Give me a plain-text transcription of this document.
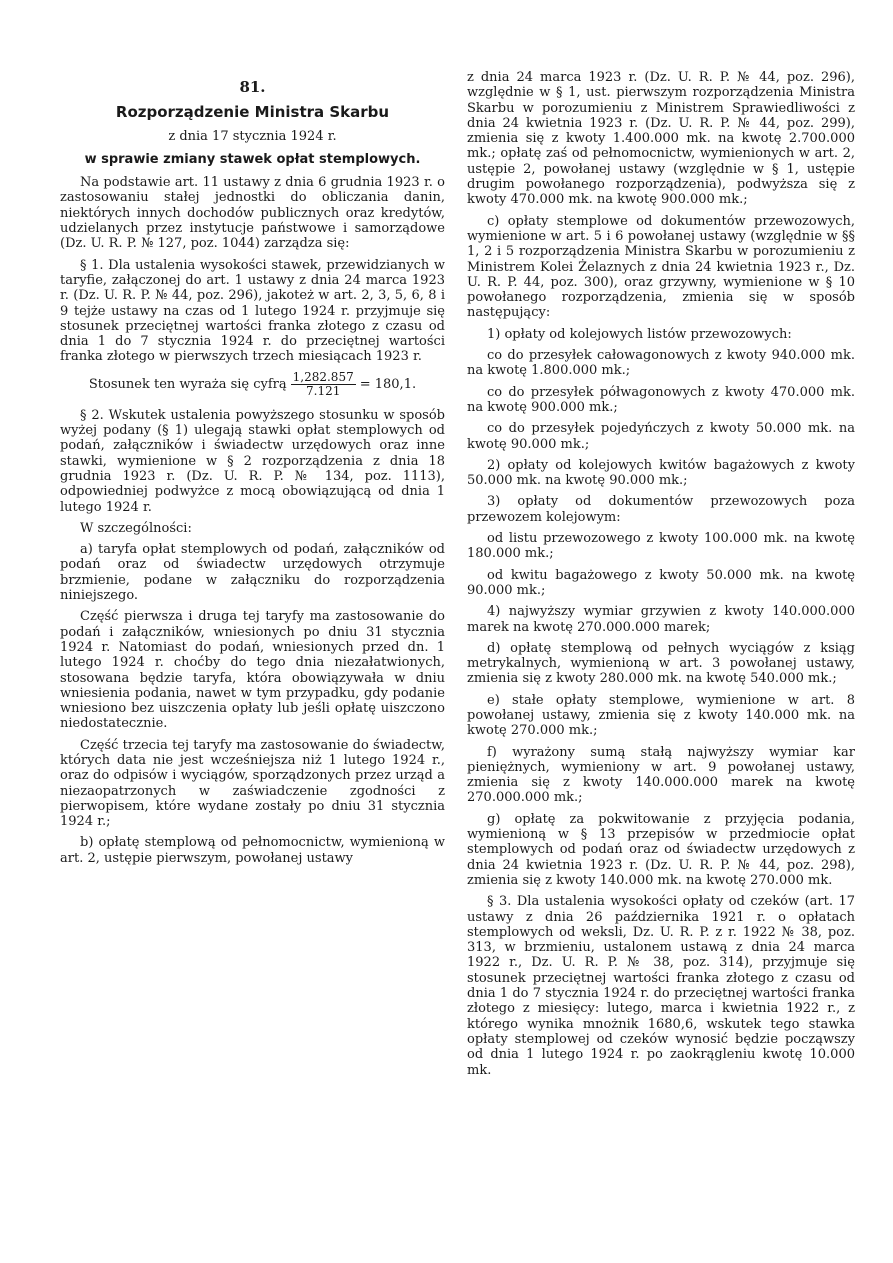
81.
Rozporządzenie Ministra Skarbu
z dnia 17 stycznia 1924 r.
w sprawie zmiany stawek opłat stemplowych.

Na podstawie art. 11 ustawy z dnia 6 grudnia 1923 r. o zastosowaniu stałej jednostki do obliczania danin, niektórych innych dochodów publicznych oraz kredytów, udzielanych przez instytucje państwowe i samorządowe (Dz. U. R. P. № 127, poz. 1044) zarządza się:

§ 1. Dla ustalenia wysokości stawek, przewidzianych w taryfie, załączonej do art. 1 ustawy z dnia 24 marca 1923 r. (Dz. U. R. P. № 44, poz. 296), jakoteż w art. 2, 3, 5, 6, 8 i 9 tejże ustawy na czas od 1 lutego 1924 r. przyjmuje się stosunek przeciętnej wartości franka złotego z czasu od dnia 1 do 7 stycznia 1924 r. do przeciętnej wartości franka złotego w pierwszych trzech miesiącach 1923 r.

Stosunek ten wyraża się cyfrą $\frac{1,282.857}{7.121} = 180,1$.

§ 2. Wskutek ustalenia powyższego stosunku w sposób wyżej podany (§ 1) ulegają stawki opłat stemplowych od podań, załączników i świadectw urzędowych oraz inne stawki, wymienione w § 2 rozporządzenia z dnia 18 grudnia 1923 r. (Dz. U. R. P. № 134, poz. 1113), odpowiedniej podwyżce z mocą obowiązującą od dnia 1 lutego 1924 r.

W szczególności:

a) taryfa opłat stemplowych od podań, załączników od podań oraz od świadectw urzędowych otrzymuje brzmienie, podane w załączniku do rozporządzenia niniejszego.

Część pierwsza i druga tej taryfy ma zastosowanie do podań i załączników, wniesionych po dniu 31 stycznia 1924 r. Natomiast do podań, wniesionych przed dn. 1 lutego 1924 r. choćby do tego dnia niezałatwionych, stosowana będzie taryfa, która obowiązywała w dniu wniesienia podania, nawet w tym przypadku, gdy podanie wniesiono bez uiszczenia opłaty lub jeśli opłatę uiszczono niedostatecznie.

Część trzecia tej taryfy ma zastosowanie do świadectw, których data nie jest wcześniejsza niż 1 lutego 1924 r., oraz do odpisów i wyciągów, sporządzonych przez urząd a niezaopatrzonych w zaświadczenie zgodności z pierwopisem, które wydane zostały po dniu 31 stycznia 1924 r.;

b) opłatę stemplową od pełnomocnictw, wymienioną w art. 2, ustępie pierwszym, powołanej ustawy

z dnia 24 marca 1923 r. (Dz. U. R. P. № 44, poz. 296), względnie w § 1, ust. pierwszym rozporządzenia Ministra Skarbu w porozumieniu z Ministrem Sprawiedliwości z dnia 24 kwietnia 1923 r. (Dz. U. R. P. № 44, poz. 299), zmienia się z kwoty 1.400.000 mk. na kwotę 2.700.000 mk.; opłatę zaś od pełnomocnictw, wymienionych w art. 2, ustępie 2, powołanej ustawy (względnie w § 1, ustępie drugim powołanego rozporządzenia), podwyższa się z kwoty 470.000 mk. na kwotę 900.000 mk.;

c) opłaty stemplowe od dokumentów przewozowych, wymienione w art. 5 i 6 powołanej ustawy (względnie w §§ 1, 2 i 5 rozporządzenia Ministra Skarbu w porozumieniu z Ministrem Kolei Żelaznych z dnia 24 kwietnia 1923 r., Dz. U. R. P. 44, poz. 300), oraz grzywny, wymienione w § 10 powołanego rozporządzenia, zmienia się w sposób następujący:

1) opłaty od kolejowych listów przewozowych:

co do przesyłek całowagonowych z kwoty 940.000 mk. na kwotę 1.800.000 mk.;

co do przesyłek półwagonowych z kwoty 470.000 mk. na kwotę 900.000 mk.;

co do przesyłek pojedyńczych z kwoty 50.000 mk. na kwotę 90.000 mk.;

2) opłaty od kolejowych kwitów bagażowych z kwoty 50.000 mk. na kwotę 90.000 mk.;

3) opłaty od dokumentów przewozowych poza przewozem kolejowym:

od listu przewozowego z kwoty 100.000 mk. na kwotę 180.000 mk.;

od kwitu bagażowego z kwoty 50.000 mk. na kwotę 90.000 mk.;

4) najwyższy wymiar grzywien z kwoty 140.000.000 marek na kwotę 270.000.000 marek;

d) opłatę stemplową od pełnych wyciągów z ksiąg metrykalnych, wymienioną w art. 3 powołanej ustawy, zmienia się z kwoty 280.000 mk. na kwotę 540.000 mk.;

e) stałe opłaty stemplowe, wymienione w art. 8 powołanej ustawy, zmienia się z kwoty 140.000 mk. na kwotę 270.000 mk.;

f) wyrażony sumą stałą najwyższy wymiar kar pieniężnych, wymieniony w art. 9 powołanej ustawy, zmienia się z kwoty 140.000.000 marek na kwotę 270.000.000 mk.;

g) opłatę za pokwitowanie z przyjęcia podania, wymienioną w § 13 przepisów w przedmiocie opłat stemplowych od podań oraz od świadectw urzędowych z dnia 24 kwietnia 1923 r. (Dz. U. R. P. № 44, poz. 298), zmienia się z kwoty 140.000 mk. na kwotę 270.000 mk.

§ 3. Dla ustalenia wysokości opłaty od czeków (art. 17 ustawy z dnia 26 października 1921 r. o opłatach stemplowych od weksli, Dz. U. R. P. z r. 1922 № 38, poz. 313, w brzmieniu, ustalonem ustawą z dnia 24 marca 1922 r., Dz. U. R. P. № 38, poz. 314), przyjmuje się stosunek przeciętnej wartości franka złotego z czasu od dnia 1 do 7 stycznia 1924 r. do przeciętnej wartości franka złotego z miesięcy: lutego, marca i kwietnia 1922 r., z którego wynika mnożnik 1680,6, wskutek tego stawka opłaty stemplowej od czeków wynosić będzie począwszy od dnia 1 lutego 1924 r. po zaokrągleniu kwotę 10.000 mk.
